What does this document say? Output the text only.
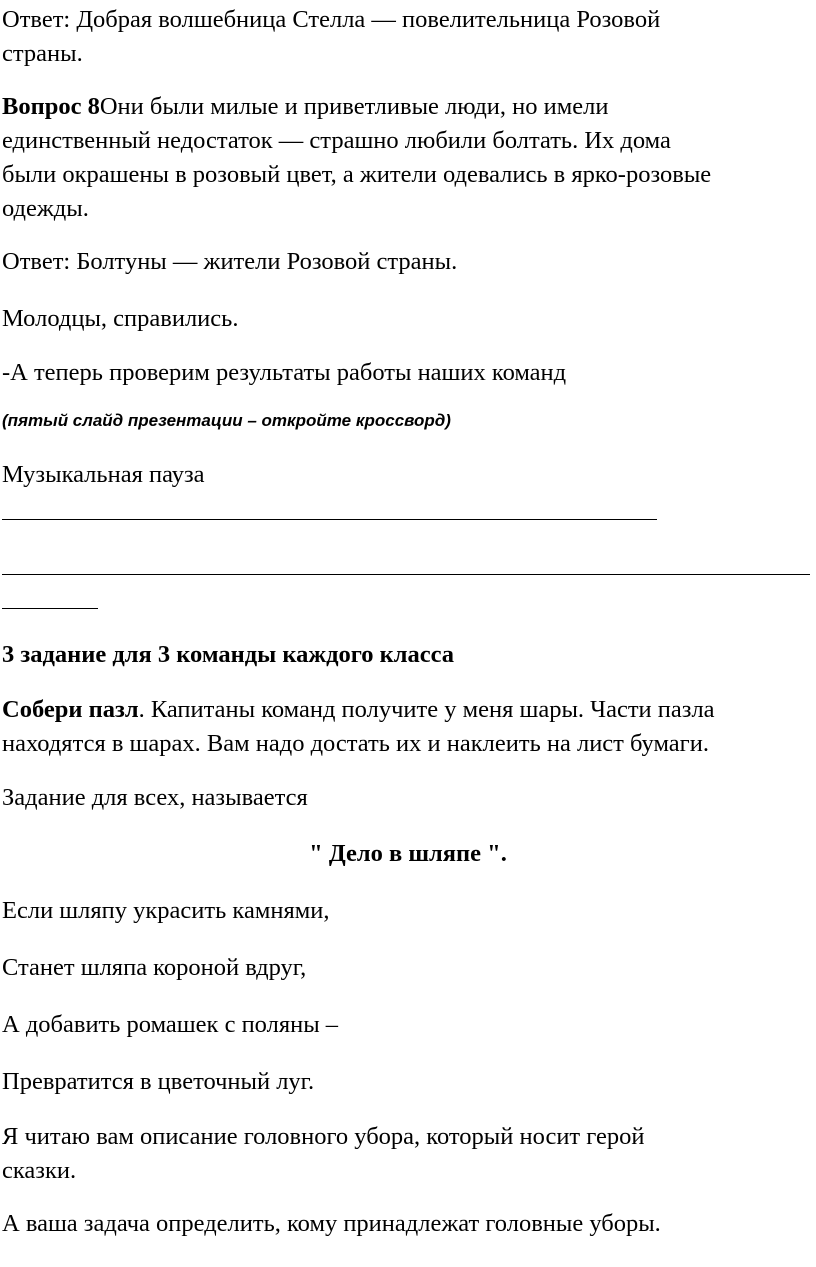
Ответ: Добрая волшебница Стелла — повелительница Розовой
страны.
Вопрос 8Они были милые и приветливые люди, но имели
единственный недостаток — страшно любили болтать. Их дома
были окрашены в розовый цвет, а жители одевались в ярко-розовые
одежды.
Ответ: Болтуны — жители Розовой страны.
Молодцы, справились.
-А теперь проверим результаты работы наших команд
(пятый слайд презентации – откройте кроссворд)
Музыкальная пауза
3 задание для 3 команды каждого класса
Собери пазл. Капитаны команд получите у меня шары. Части пазла
находятся в шарах. Вам надо достать их и наклеить на лист бумаги.
Задание для всех, называется
" Дело в шляпе ".
Если шляпу украсить камнями,
Станет шляпа короной вдруг,
А добавить ромашек с поляны –
Превратится в цветочный луг.
Я читаю вам описание головного убора, который носит герой
сказки.
А ваша задача определить, кому принадлежат головные уборы.
